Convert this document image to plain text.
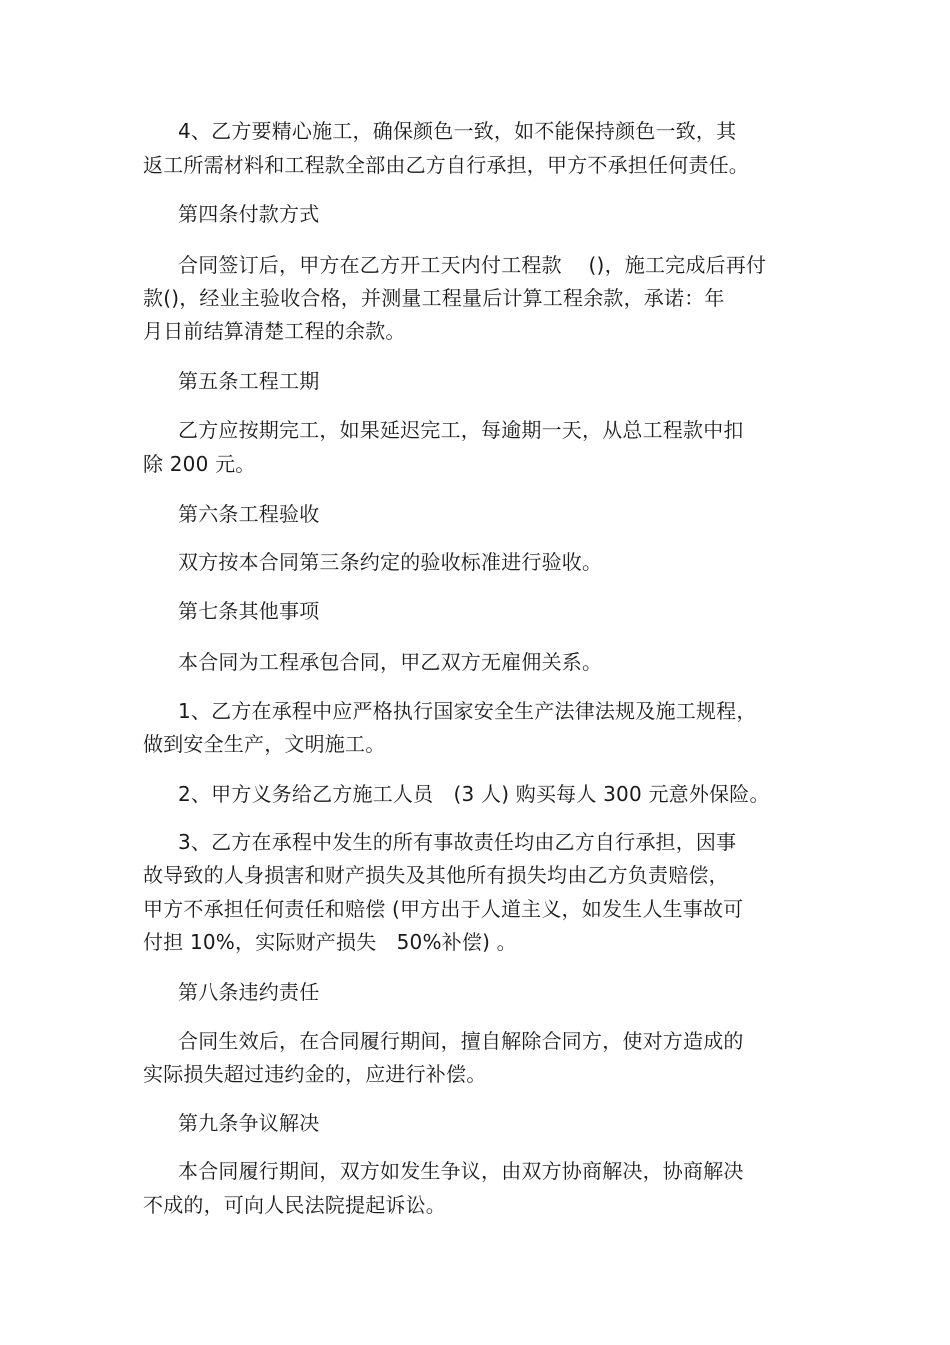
4、乙方要精心施工，确保颜色一致，如不能保持颜色一致，其
返工所需材料和工程款全部由乙方自行承担，甲方不承担任何责任。
第四条付款方式
合同签订后，甲方在乙方开工天内付工程款　 ()，施工完成后再付
款()，经业主验收合格，并测量工程量后计算工程余款，承诺：年
月日前结算清楚工程的余款。
第五条工程工期
乙方应按期完工，如果延迟完工，每逾期一天，从总工程款中扣
除 200 元。
第六条工程验收
双方按本合同第三条约定的验收标准进行验收。
第七条其他事项
本合同为工程承包合同，甲乙双方无雇佣关系。
1、乙方在承程中应严格执行国家安全生产法律法规及施工规程，
做到安全生产，文明施工。
2、甲方义务给乙方施工人员　(3 人) 购买每人 300 元意外保险。
3、乙方在承程中发生的所有事故责任均由乙方自行承担，因事
故导致的人身损害和财产损失及其他所有损失均由乙方负责赔偿，
甲方不承担任何责任和赔偿 (甲方出于人道主义，如发生人生事故可
付担 10%，实际财产损失　50%补偿) 。
第八条违约责任
合同生效后，在合同履行期间，擅自解除合同方，使对方造成的
实际损失超过违约金的，应进行补偿。
第九条争议解决
本合同履行期间，双方如发生争议，由双方协商解决，协商解决
不成的，可向人民法院提起诉讼。
